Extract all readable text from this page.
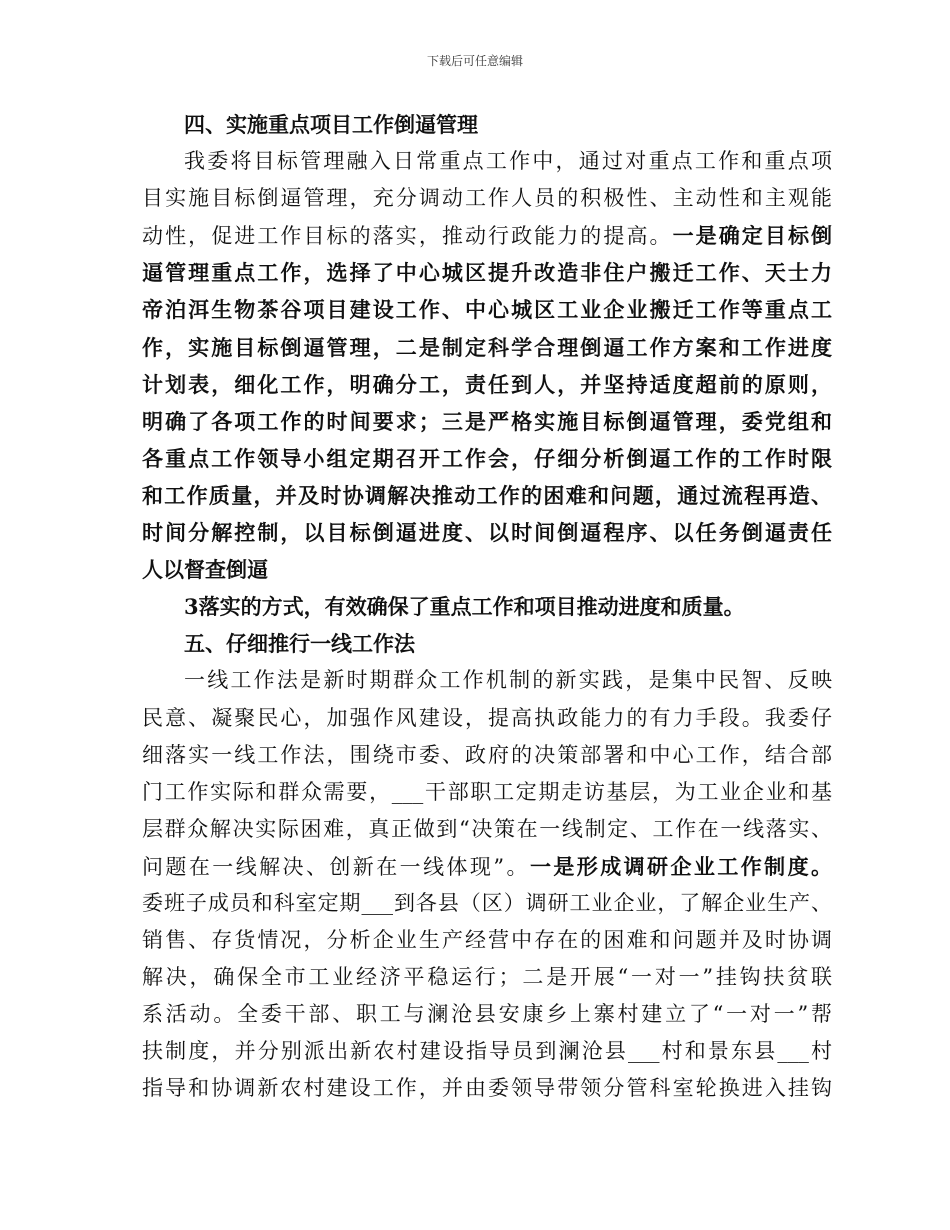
下载后可任意编辑
四、实施重点项目工作倒逼管理
我委将目标管理融入日常重点工作中，通过对重点工作和重点项
目实施目标倒逼管理，充分调动工作人员的积极性、主动性和主观能
动性，促进工作目标的落实，推动行政能力的提高。一是确定目标倒
逼管理重点工作，选择了中心城区提升改造非住户搬迁工作、天士力
帝泊洱生物茶谷项目建设工作、中心城区工业企业搬迁工作等重点工
作，实施目标倒逼管理，二是制定科学合理倒逼工作方案和工作进度
计划表，细化工作，明确分工，责任到人，并坚持适度超前的原则，
明确了各项工作的时间要求；三是严格实施目标倒逼管理，委党组和
各重点工作领导小组定期召开工作会，仔细分析倒逼工作的工作时限
和工作质量，并及时协调解决推动工作的困难和问题，通过流程再造、
时间分解控制，以目标倒逼进度、以时间倒逼程序、以任务倒逼责任
人以督查倒逼
3落实的方式，有效确保了重点工作和项目推动进度和质量。
五、仔细推行一线工作法
一线工作法是新时期群众工作机制的新实践，是集中民智、反映
民意、凝聚民心，加强作风建设，提高执政能力的有力手段。我委仔
细落实一线工作法，围绕市委、政府的决策部署和中心工作，结合部
门工作实际和群众需要，___干部职工定期走访基层，为工业企业和基
层群众解决实际困难，真正做到“决策在一线制定、工作在一线落实、
问题在一线解决、创新在一线体现”。一是形成调研企业工作制度。
委班子成员和科室定期___到各县（区）调研工业企业，了解企业生产、
销售、存货情况，分析企业生产经营中存在的困难和问题并及时协调
解决，确保全市工业经济平稳运行；二是开展“一对一”挂钩扶贫联
系活动。全委干部、职工与澜沧县安康乡上寨村建立了“一对一”帮
扶制度，并分别派出新农村建设指导员到澜沧县___村和景东县___村
指导和协调新农村建设工作，并由委领导带领分管科室轮换进入挂钩
